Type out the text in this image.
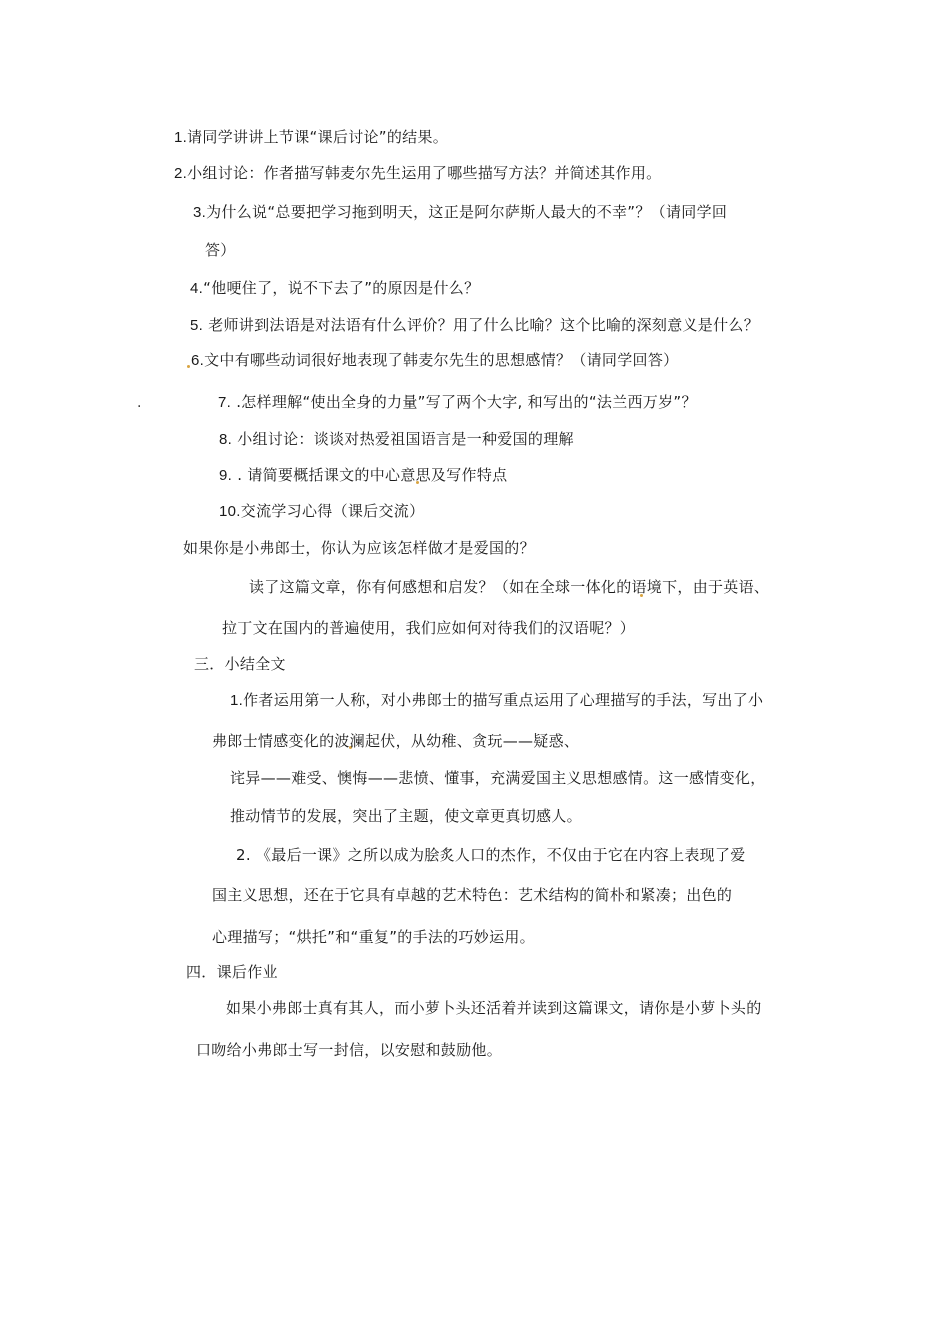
1.请同学讲讲上节课“课后讨论”的结果。
2.小组讨论：作者描写韩麦尔先生运用了哪些描写方法？并简述其作用。
3.为什么说“总要把学习拖到明天，这正是阿尔萨斯人最大的不幸”？（请同学回
答）
4.“他哽住了，说不下去了”的原因是什么？
5. 老师讲到法语是对法语有什么评价？用了什么比喻？这个比喻的深刻意义是什么？
6.文中有哪些动词很好地表现了韩麦尔先生的思想感情？（请同学回答）
.	7. .怎样理解“使出全身的力量”写了两个大字, 和写出的“法兰西万岁”？
8. 小组讨论：谈谈对热爱祖国语言是一种爱国的理解
9. . 请简要概括课文的中心意思及写作特点
10.交流学习心得（课后交流）
如果你是小弗郎士，你认为应该怎样做才是爱国的？
读了这篇文章，你有何感想和启发？（如在全球一体化的语境下，由于英语、
拉丁文在国内的普遍使用，我们应如何对待我们的汉语呢？）
三．小结全文
1.作者运用第一人称，对小弗郎士的描写重点运用了心理描写的手法，写出了小
弗郎士情感变化的波澜起伏，从幼稚、贪玩——疑惑、
诧异——难受、懊悔——悲愤、懂事，充满爱国主义思想感情。这一感情变化，
推动情节的发展，突出了主题，使文章更真切感人。
2. 《最后一课》之所以成为脍炙人口的杰作，不仅由于它在内容上表现了爱
国主义思想，还在于它具有卓越的艺术特色：艺术结构的简朴和紧凑；出色的
心理描写；“烘托”和“重复”的手法的巧妙运用。
四．课后作业
如果小弗郎士真有其人，而小萝卜头还活着并读到这篇课文，请你是小萝卜头的
口吻给小弗郎士写一封信，以安慰和鼓励他。
